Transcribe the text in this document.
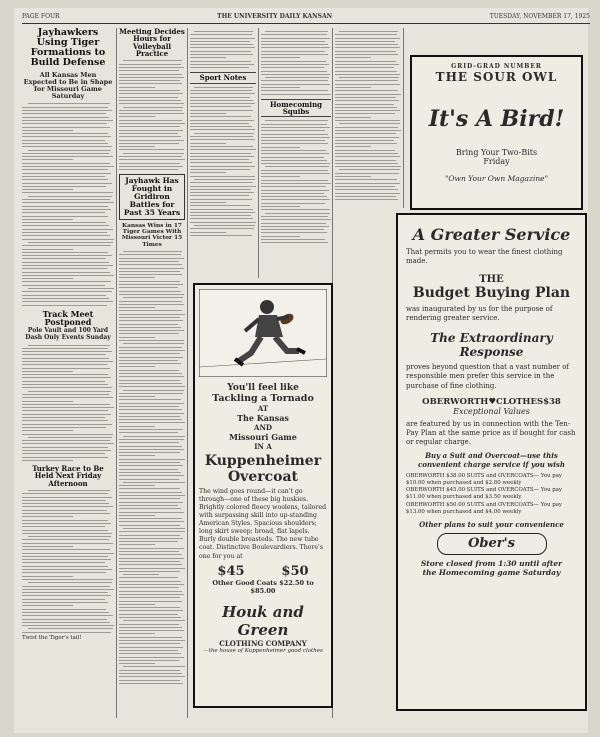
PAGE FOUR	THE UNIVERSITY DAILY KANSAN	TUESDAY, NOVEMBER 17, 1925
Jayhawkers Using Tiger Formations to Build Defense
All Kansas Men Expected to Be in Shape for Missouri Game Saturday
Track Meet Postponed
Pole Vault and 100 Yard Dash Only Events Sunday
Turkey Race to Be Held Next Friday Afternoon
Twist the Tiger's tail!
Meeting Decides Hours for Volleyball Practice
Jayhawk Has Fought in Gridiron Battles for Past 35 Years
Kansas Wins in 17 Tiger Games With Missouri Victor 15 Times
Sport Notes
Homecoming Squibs
You'll feel like
Tackling a Tornado
AT
The Kansas
AND
Missouri Game
IN A
Kuppenheimer
Overcoat
The wind goes round—it can't go through—one of these big huskies. Brightly colored fleecy woolens, tailored with surpassing skill into up-standing American Styles. Spacious shoulders; long skirt sweep; broad, flat lapels. Burly double breasteds. The new tube coat. Distinctive Boulevardiers. There's one for you at
$45	$50
Other Good Coats $22.50 to $85.00
Houk and Green
CLOTHING COMPANY
—the house of Kuppenheimer good clothes
GRID-GRAD NUMBER
THE SOUR OWL
It's A Bird!
Bring Your Two-Bits
Friday
"Own Your Own Magazine"
A Greater Service
That permits you to wear the finest clothing made.
THE
Budget Buying Plan
was inaugurated by us for the purpose of rendering greater service.
The Extraordinary
Response
proves beyond question that a vast number of responsible men prefer this service in the purchase of fine clothing.
OBERWORTH♥CLOTHES$38
Exceptional Values
are featured by us in connection with the Ten-Pay Plan at the same price as if bought for cash or regular charge.
Buy a Suit and Overcoat—use this convenient charge service if you wish
OBERWORTH $38.00 SUITS and OVERCOATS— You pay $10.00 when purchased and $2.80 weekly
OBERWORTH $45.00 SUITS and OVERCOATS— You pay $11.00 when purchased and $3.50 weekly
OBERWORTH $50.00 SUITS and OVERCOATS— You pay $13.00 when purchased and $4.00 weekly
Other plans to suit your convenience
Ober's
Store closed from 1:30 until after
the Homecoming game Saturday
